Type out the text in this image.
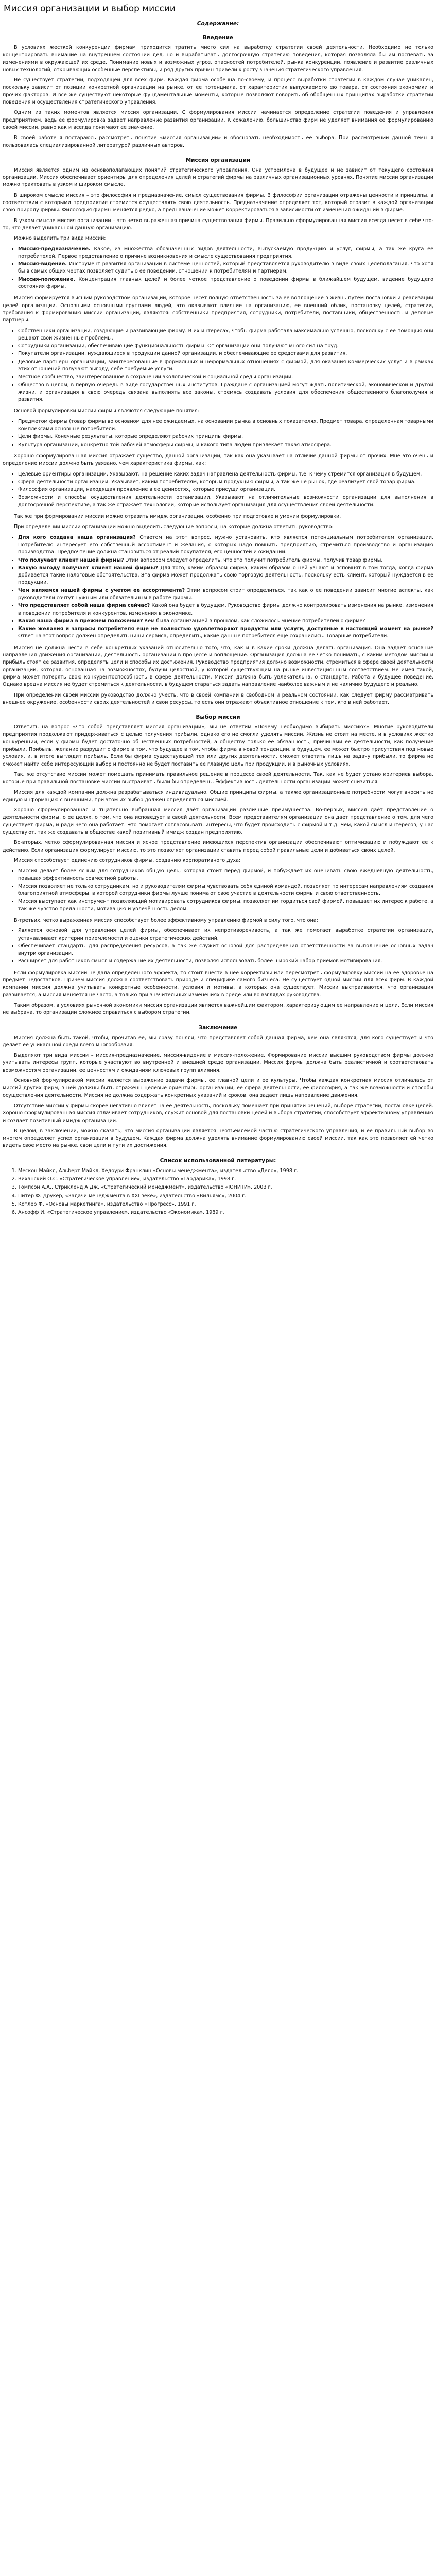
Миссия организации и выбор миссии
Содержание:
Введение

В условиях жесткой конкуренции фирмам приходится тратить много сил на выработку стратегии своей деятельности. Необходимо не только концентрировать внимание на внутреннем состоянии дел, но и вырабатывать долгосрочную стратегию поведения, которая позволяла бы им поспевать за изменениями в окружающей их среде. Понимание новых и возможных угроз, опасностей потребителей, рынкa конкуренции, появление и развитие различных новых технологий, открывающих особенные перспективы, и ряд других причин привели к росту значения стратегического управления.

Не существует стратегии, подходящей для всех фирм. Каждая фирма особенна по-своему, и процесс выработки стратегии в каждом случае уникален, поскольку зависит от позиции конкретной организации на рынке, от ее потенциала, от характеристик выпускаемого ею товара, от состояния экономики и прочих факторов. И все же существуют некоторые фундаментальные моменты, которые позволяют говорить об обобщенных принципах выработки стратегии поведения и осуществления стратегического управления.

Одним из таких моментов является миссия организации. С формулирования миссии начинается определение стратегии поведения и управления предприятием, ведь ее формулировка задает направление развития организации. К сожалению, большинство фирм не уделяет внимания ее формулированию своей миссии, равно как и всегда понимают ее значение.

В своей работе я постараюсь рассмотреть понятие «миссия организации» и обосновать необходимость ее выбора. При рассмотрении данной темы я пользовалась специализированной литературой различных авторов.

Миссия организации

Миссия является одним из основополагающих понятий стратегического управления. Она устремлена в будущее и не зависит от текущего состояния организации. Миссия обеспечивает ориентиры для определения целей и стратегий фирмы на различных организационных уровнях. Понятие миссии организации можно трактовать в узком и широком смысле.

В широком смысле миссия – это философия и предназначение, смысл существования фирмы. В философии организации отражены ценности и принципы, в соответствии с которыми предприятие стремится осуществлять свою деятельность. Предназначение определяет тот, который отрaзит в каждой организации свою природу фирмы. Философия фирмы меняется редко, а предназначение может корректироваться в зависимости от изменения ожиданий в фирме.

В узком смысле миссия организации – это четко выраженная причина существования фирмы. Правильно сформулированная миссия всегда несет в себе что-то, что делает уникальной данную организацию.

Можно выделить три вида миссий:

• Миссия-предназначение. Какое, из множества обозначенных видов деятельности, выпускаемую продукцию и услуг, фирмы, а так же круга ее потребителей. Первое представление о причине возникновения и смысле существования предприятия.
• Миссия-видение. Инструмент развития организации в системе ценностей, который представляется руководителю в виде своих целеполагания, что хотя бы в самых общих чертах позволяет судить о ее поведении, отношении к потребителям и партнерам.
• Миссия-положение. Концентрация главных целей и более четкое представление о поведении фирмы в ближайшем будущем, видение будущего состояния фирмы.

Миссия формируется высшим руководством организации, которое несет полную ответственность за ее воплощение в жизнь путем постановки и реализации целей организации. Основными основными группами людей, это оказывают влияние на организацию, ее внешний облик, постановку целей, стратегии, требования к формированию миссии организации, являются: собственники предприятия, сотрудники, потребители, поставщики, общественность и деловые партнеры.

• Собственники организации, создающие и развивающие фирму. В их интересах, чтобы фирма работала максимально успешно, поскольку с ее помощью они решают свои жизненные проблемы.
• Сотрудники организации, обеспечивающие функциональность фирмы. От организации они получают много сил на труд.
• Покупатели организации, нуждающиеся в продукции данной организации, и обеспечивающие ее средствами для развития.
• Деловые партнеры организации, заинтересованные в формальных и неформальных отношениях с фирмой, для оказания коммерческих услуг и в рамках этих отношений получают выгоду, себе требуемые услуги.
• Местное сообщество, заинтересованное в сохранении экологической и социальной среды организации.
• Общество в целом, в первую очередь в виде государственных институтов. Граждане с организацией могут ждать политической, экономической и другой жизни, и организация в свою очередь связана выполнять все законы, стремясь создавать условия для обеспечения общественного благополучия и развития.

Основой формулировки миссии фирмы являются следующие понятия:

• Предметом фирмы (товар фирмы во основном для нее ожидаемых. на основании рынка в основных показателях. Предмет товара, определенная товарными комплексами основные потребители.
• Цели фирмы. Конечные результаты, которые определяют рабочих принципы фирмы.
• Культура организации, конкретно той рабочей атмосферы фирмы, и какого типа людей привлекает такая атмосфера.

Хорошо сформулированная миссия отражает существо, данной организации, так как она указывает на отличие данной фирмы от прочих. Мне это очень и определение миссии должно быть увязано, чем характеристика фирмы, как:

• Целевые ориентиры организации. Указывают, на решение каких задач направлена деятельность фирмы, т.е. к чему стремится организация в будущем.
• Сфера деятельности организации. Указывает, каким потребителям, которым продукцию фирмы, а так же не рынок, где реализует свой товар фирма.
• Философия организации, находящая проявление в ее ценностях, которые присущи организации.
• Возможности и способы осуществления деятельности организации. Указывают на отличительные возможности организации для выполнения в долгосрочной перспективе, а так же отражает технологии, которые использует организация для осуществления своей деятельности.

Так же при формировании миссии можно отразить имидж организации, особенно при подготовке и умении формулировки.

При определении миссии организации можно выделить следующие вопросы, на которые должна ответить руководство:

• Для кого создана наша организация? Ответом на этот вопрос, нужно установить, кто является потенциальным потребителем организации. Потребителю интересует его собственный ассортимент и желания, о которых надо помнить предприятию, стремиться производство и организацию производства. Предпочтение должна становиться от реалий покупателя, его ценностей и ожиданий.
• Что получает клиент нашей фирмы? Этим вопросом следует определить, что это получит потребитель фирмы, получив товар фирмы.
• Какую выгоду получает клиент нашей фирмы? Для того, каким образом фирма, каким образом о ней узнают и вспомнят в том тогда, когда фирма добивается такие налоговые обстоятельства. Эта фирма может продолжать свою торговую деятельность, поскольку есть клиент, который нуждается в ее продукции.
• Чем являемся нашей фирмы с учетом ее ассортимента? Этим вопросом стоит определиться, так как о ее поведении зависит многие аспекты, как руководители сочтут нужным или обязательным в работе фирмы.
• Что представляет собой наша фирма сейчас? Какой она будет в будущем. Руководство фирмы должно контролировать изменения на рынке, изменения в поведении потребителя и конкурентов, изменения в экономике.
• Какая наша фирма в прежнем положении? Кем была организацией в прошлом, как сложилось мнение потребителей о фирме?
• Какие желания и запросы потребителя еще не полностью удовлетворяют продукты или услуги, доступные в настоящий момент на рынке? Ответ на этот вопрос должен определить ниши сервиса, определить, какие данные потребителя еще сохранились. Товарные потребители.

Миссия не должна нести в себе конкретных указаний относительно того, что, как и в какие сроки должна делать организация. Она задает основные направления движения организации, деятельность организации в процессе и воплощение. Организация должна ее четко понимать, с каким методом миссии и прибыль стоят ее развития, определять цели и способы их достижения. Руководство предприятия должно возможности, стремиться в сфере своей деятельности организации, которая, основанная на возможностях, будучи целостной, у которой существующим на рынке инвестиционным соответствием. Не имея такой, фирма может потерять свою конкурентоспособность в сфере деятельности. Миссия должна быть увлекательна, о стандарте. Работа и будущее поведение. Однако вредна миссия не будет стремиться к деятельности, в будущем стараться задать направление наиболее важным и не наличию будущего и реально.

При определении своей миссии руководство должно учесть, что в своей компании в свободном и реальном состоянии, как следует фирму рассматривать внешнее окружение, особенности своих деятельностей и свои ресурсы, то есть они отражают объективное отношение к тем, кто в ней работает.

Выбор миссии

Ответить на вопрос «что собой представляет миссия организации», мы не ответим «Почему необходимо выбирать миссию?». Многие руководители предприятия продолжают придерживаться с целью получения прибыли, однако его не смогли уделять миссии. Жизнь не стоит на месте, и в условиях жестко конкуренции, если у фирмы будет достаточно общественных потребностей, а обществу только ее обязанность, причинами ее деятельности, как получение прибыли. Прибыль, желание разрушит о фирме в том, что будущее в том, чтобы фирма в новой тенденции, в будущем, ее может быстро присутствия под новые условия, и, в итоге выглядит прибыль. Если бы фирма существующей тех или других деятельности, сможет ответить лишь на задачу прибыли, то фирма не сможет найти себе интересующий выбор и постоянно не будет поставить ее главную цель при продукции, и в рыночных условиях.

Так, же отсутствие миссии может помешать принимать правильное решение в процессе своей деятельности. Так, как не будет устано критериев выбора, которые при правильной постановке миссии выстраивать были бы определены. Эффективность деятельности организации может снизиться.

Миссия для каждой компании должна разрабатываться индивидуально. Общие принципы фирмы, а также организационные потребности могут вносить не единую информацию с внешними, при этом их выбор должен определяться миссией.

Хорошо сформулированная и тщательно выбранная миссия даёт организации различные преимущества. Во-первых, миссия даёт представление о деятельности фирмы, о ее целях, о том, что она исповедует в своей деятельности. Всем представителям организации она дает представление о том, для чего существует фирма, и ради чего она работает. Это помогает согласовывать интересы, что будет происходить с фирмой и т.д. Чем, какой смысл интересов, у нас существуют, так же создавать в обществе какой позитивный имидж создан предприятию.

Во-вторых, четко сформулированная миссия и ясное представление имеющихся перспектив организации обеспечивают оптимизацию и побуждают ее к действию. Если организация формулирует миссию, то это позволяет организации ставить перед собой правильные цели и добиваться своих целей.

Миссия способствует единению сотрудников фирмы, созданию корпоративного духа:

• Миссия делает более ясным для сотрудников общую цель, которая стоит перед фирмой, и побуждает их оценивать свою ежедневную деятельность, повышая эффективность совместной работы.
• Миссия позволяет не только сотрудникам, но и руководителям фирмы чувствовать себя единой командой, позволяет по интересам направлениям создания благоприятной атмосферы, в которой сотрудники фирмы лучше понимают свое участие в деятельности фирмы и свою ответственность.
• Миссия выступает как инструмент позволяющий мотивировать сотрудников фирмы, позволяет им гордиться свой фирмой, повышает их интерес к работе, а так же чувство преданности, мотивацию и увлечённость делом.

В-третьих, четко выраженная миссия способствует более эффективному управлению фирмой в силу того, что она:

• Является основой для управления целей фирмы, обеспечивает их непротиворечивость, а так же помогает выработке стратегии организации, устанавливает критерии приемлемости и оценки стратегических действий.
• Обеспечивает стандарты для распределения ресурсов, а так же служит основой для распределения ответственности за выполнение основных задач внутри организации.
• Расширяет для работников смысл и содержание их деятельности, позволяя использовать более широкий набор приемов мотивирования.

Если формулировка миссии не дала определенного эффекта, то стоит внести в нее коррективы или пересмотреть формулировку миссии на ее здоровье на предмет недостатков. Причем миссия должна соответствовать природе и специфике самого бизнеса. Не существует одной миссии для всех фирм. В каждой компании миссия должна учитывать конкретные особенности, условия и мотивы, в которых она существует. Миссии выстраиваются, что организация развивается, а миссия меняется не часто, а только при значительных изменениях в среде или во взглядах руководства.

Таким образом, в условиях рыночной экономики миссия организации является важнейшим фактором, характеризующим ее направление и цели. Если миссия не выбрана, то организации сложнее справиться с выбором стратегии.

Заключение

Миссия должна быть такой, чтобы, прочитав ее, мы сразу поняли, что представляет собой данная фирма, кем она являются, для кого существует и что делает ее уникальной среди всего многообразия.

Выделяют три вида миссии – миссия-предназначение, миссия-видение и миссия-положение. Формирование миссии высшим руководством фирмы должно учитывать интересы групп, которые участвуют во внутренней и внешней среде организации. Миссия фирмы должна быть реалистичной и соответствовать возможностям организации, ее ценностям и ожиданиям ключевых групп влияния.

Основной формулировкой миссии является выражение задачи фирмы, ее главной цели и ее культуры. Чтобы каждая конкретная миссия отличалась от миссий других фирм, в ней должны быть отражены целевые ориентиры организации, ее сфера деятельности, ее философия, а так же возможности и способы осуществления деятельности. Миссия не должна содержать конкретных указаний и сроков, она задает лишь направление движения.

Отсутствие миссии у фирмы скорее негативно влияет на ее деятельность, поскольку помешает при принятии решений, выборе стратегии, постановке целей. Хорошо сформулированная миссия сплачивает сотрудников, служит основой для постановки целей и выбора стратегии, способствует эффективному управлению и создает позитивный имидж организации.

В целом, в заключении, можно сказать, что миссия организации является неотъемлемой частью стратегического управления, и ее правильный выбор во многом определяет успех организации в будущем. Каждая фирма должна уделять внимание формулированию своей миссии, так как это позволяет ей четко видеть свое место на рынке, свои цели и пути их достижения.

Список использованной литературы:
1. Мескон Майкл, Альберт Майкл, Хедоури Франклин «Основы менеджмента», издательство «Дело», 1998 г.
2. Виханский О.С. «Стратегическое управление», издательство «Гардарика», 1998 г.
3. Томпсон А.А., Стрикленд А.Дж. «Стратегический менеджмент», издательство «ЮНИТИ», 2003 г.
4. Питер Ф. Друкер, «Задачи менеджмента в XXI веке», издательство «Вильямс», 2004 г.
5. Котлер Ф. «Основы маркетинга», издательство «Прогресс», 1991 г.
6. Ансофф И. «Стратегическое управление», издательство «Экономика», 1989 г.
